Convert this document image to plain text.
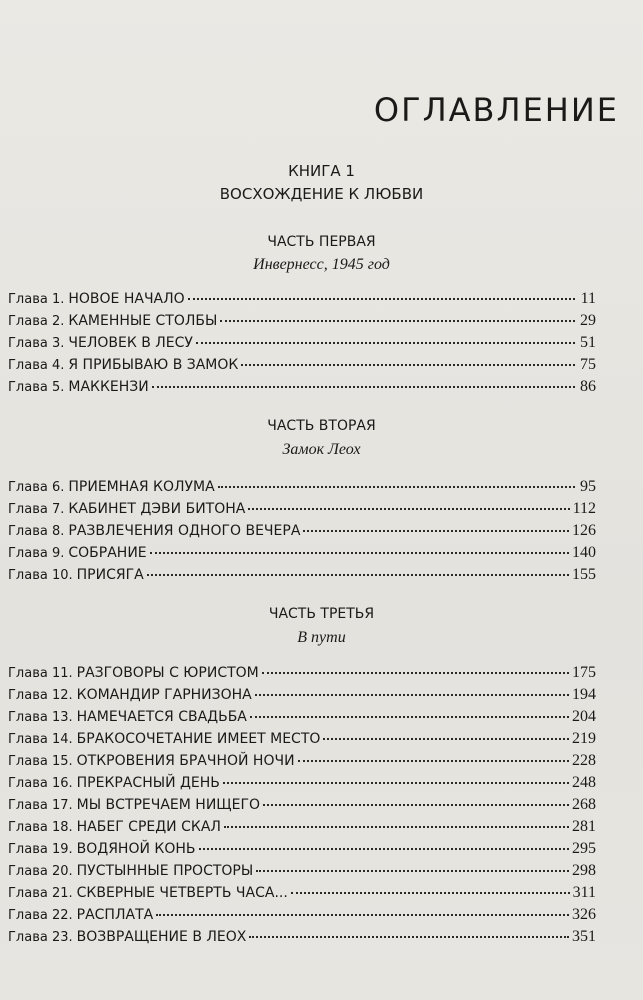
ОГЛАВЛЕНИЕ

КНИГА 1

ВОСХОЖДЕНИЕ К ЛЮБВИ

ЧАСТЬ ПЕРВАЯ

Инвернесс, 1945 год

Глава 1. НОВОЕ НАЧАЛО	11
Глава 2. КАМЕННЫЕ СТОЛБЫ	29
Глава 3. ЧЕЛОВЕК В ЛЕСУ	51
Глава 4. Я ПРИБЫВАЮ В ЗАМОК	75
Глава 5. МАККЕНЗИ	86

ЧАСТЬ ВТОРАЯ

Замок Леох

Глава 6. ПРИЕМНАЯ КОЛУМА	95
Глава 7. КАБИНЕТ ДЭВИ БИТОНА	112
Глава 8. РАЗВЛЕЧЕНИЯ ОДНОГО ВЕЧЕРА	126
Глава 9. СОБРАНИЕ	140
Глава 10. ПРИСЯГА	155

ЧАСТЬ ТРЕТЬЯ

В пути

Глава 11. РАЗГОВОРЫ С ЮРИСТОМ	175
Глава 12. КОМАНДИР ГАРНИЗОНА	194
Глава 13. НАМЕЧАЕТСЯ СВАДЬБА	204
Глава 14. БРАКОСОЧЕТАНИЕ ИМЕЕТ МЕСТО	219
Глава 15. ОТКРОВЕНИЯ БРАЧНОЙ НОЧИ	228
Глава 16. ПРЕКРАСНЫЙ ДЕНЬ	248
Глава 17. МЫ ВСТРЕЧАЕМ НИЩЕГО	268
Глава 18. НАБЕГ СРЕДИ СКАЛ	281
Глава 19. ВОДЯНОЙ КОНЬ	295
Глава 20. ПУСТЫННЫЕ ПРОСТОРЫ	298
Глава 21. СКВЕРНЫЕ ЧЕТВЕРТЬ ЧАСА...	311
Глава 22. РАСПЛАТА	326
Глава 23. ВОЗВРАЩЕНИЕ В ЛЕОХ	351
